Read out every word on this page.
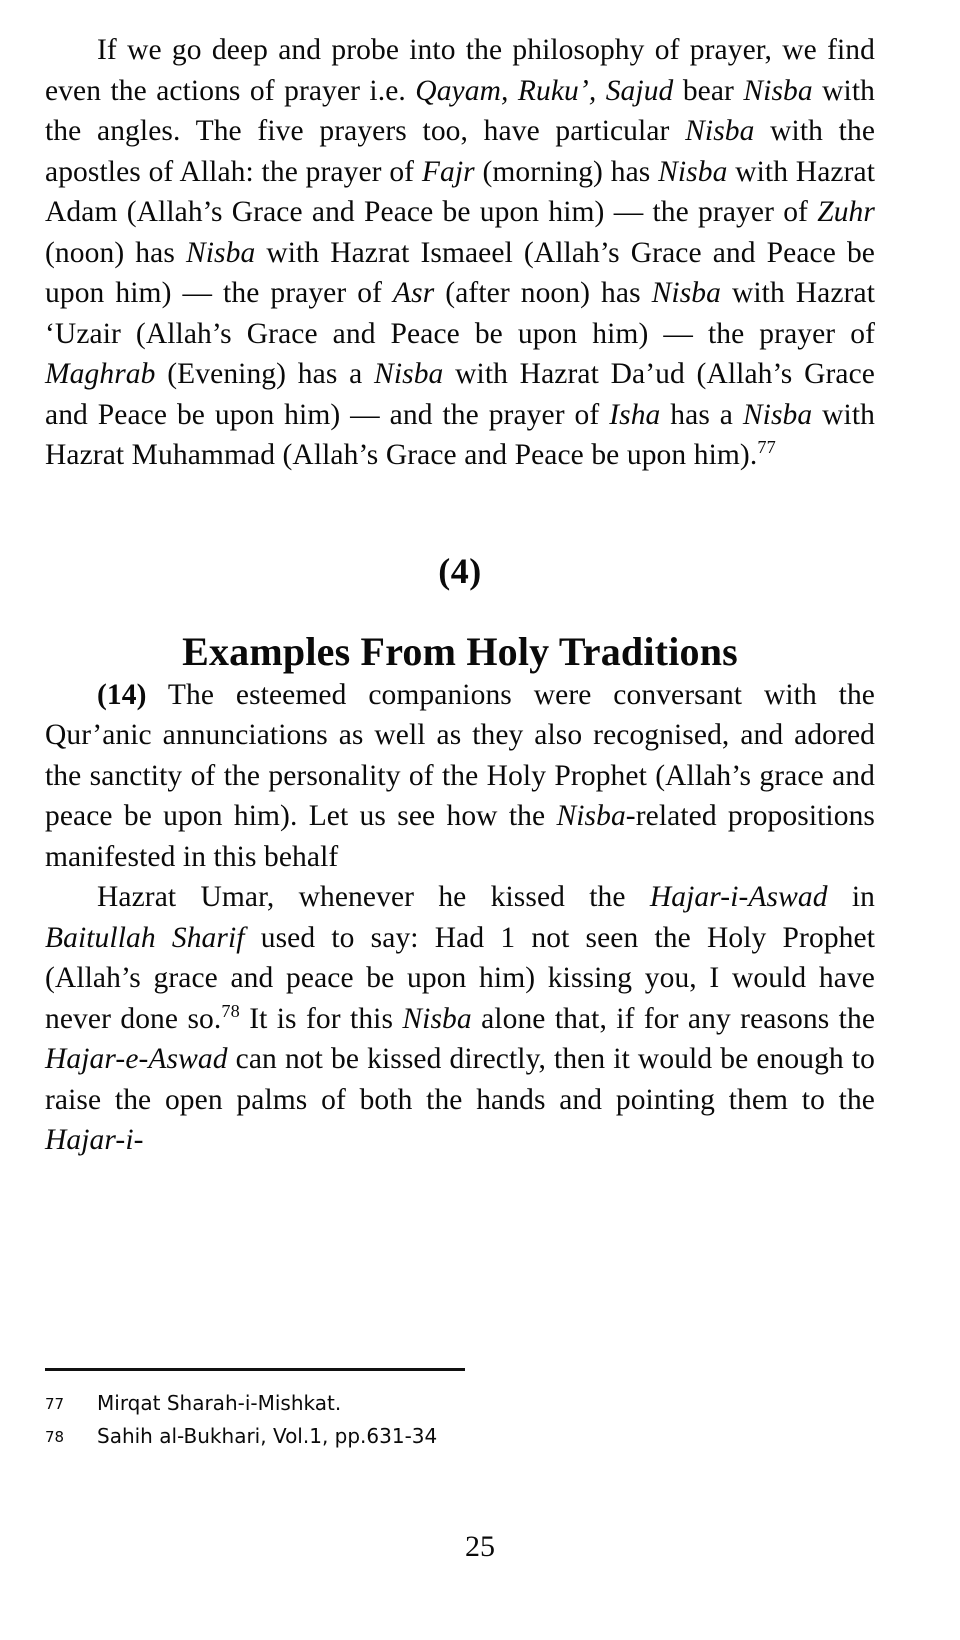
If we go deep and probe into the philosophy of prayer, we find even the actions of prayer i.e. Qayam, Rukuʼ, Sajud bear Nisba with the angles. The five prayers too, have particular Nisba with the apostles of Allah: the prayer of Fajr (morning) has Nisba with Hazrat Adam (Allah’s Grace and Peace be upon him) — the prayer of Zuhr (noon) has Nisba with Hazrat Ismaeel (Allah’s Grace and Peace be upon him) — the prayer of Asr (after noon) has Nisba with Hazrat ‘Uzair (Allah’s Grace and Peace be upon him) — the prayer of Maghrab (Evening) has a Nisba with Hazrat Da’ud (Allah’s Grace and Peace be upon him) — and the prayer of Isha has a Nisba with Hazrat Muhammad (Allah’s Grace and Peace be upon him).$^{77}$

(4)
Examples From Holy Traditions

(14) The esteemed companions were conversant with the Qur’anic annunciations as well as they also recognised, and adored the sanctity of the personality of the Holy Prophet (Allah’s grace and peace be upon him). Let us see how the Nisba-related propositions manifested in this behalf

Hazrat Umar, whenever he kissed the Hajar-i-Aswad in Baitullah Sharif used to say: Had 1 not seen the Holy Prophet (Allah’s grace and peace be upon him) kissing you, I would have never done so.$^{78}$ It is for this Nisba alone that, if for any reasons the Hajar-e-Aswad can not be kissed directly, then it would be enough to raise the open palms of both the hands and pointing them to the Hajar-i-

77	Mirqat Sharah-i-Mishkat.
78	Sahih al-Bukhari, Vol.1, pp.631-34
25
